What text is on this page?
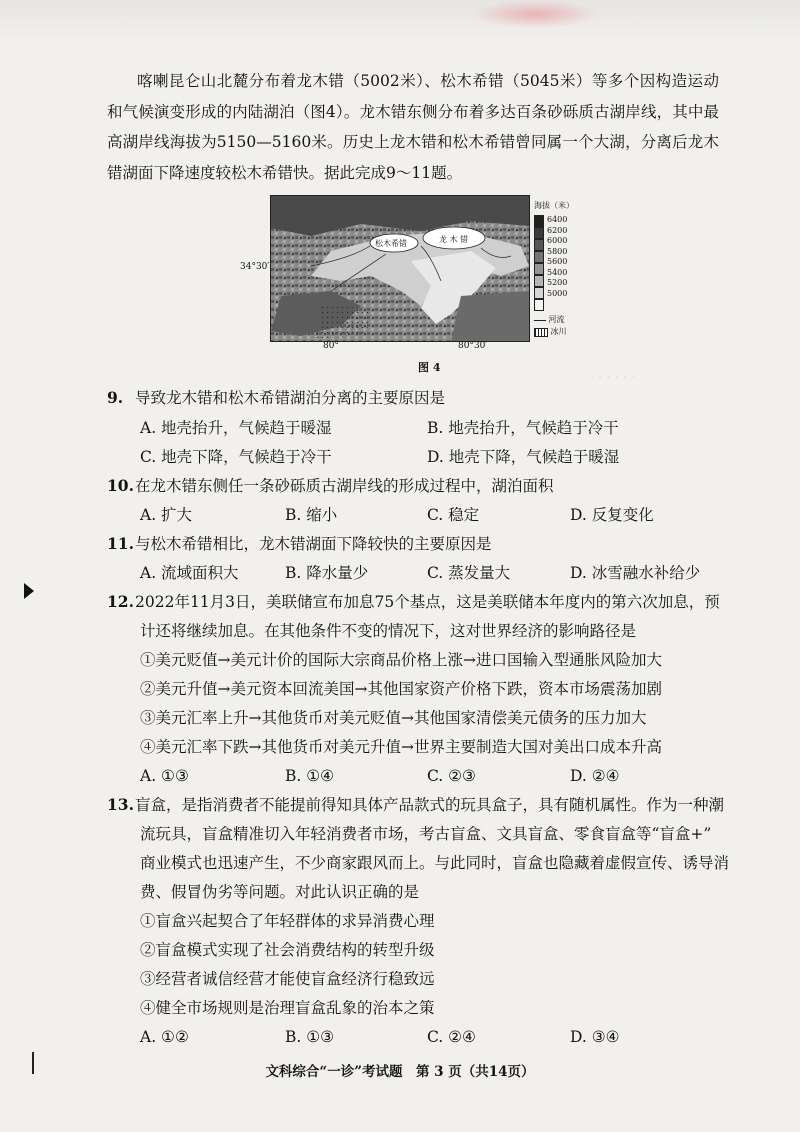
· · · · · ·

喀喇昆仑山北麓分布着龙木错（5002米）、松木希错（5045米）等多个因构造运动和气候演变形成的内陆湖泊（图4）。龙木错东侧分布着多达百条砂砾质古湖岸线，其中最高湖岸线海拔为5150—5160米。历史上龙木错和松木希错曾同属一个大湖，分离后龙木错湖面下降速度较松木希错快。据此完成9～11题。

松木希错	龙 木 错
34°30′
80°	80°30′
海拔（米）
6400
6200
6000
5800
5600
5400
5200
5000
河流
冰川
图 4
9. 导致龙木错和松木希错湖泊分离的主要原因是
A. 地壳抬升，气候趋于暖湿	B. 地壳抬升，气候趋于冷干
C. 地壳下降，气候趋于冷干	D. 地壳下降，气候趋于暖湿
10.在龙木错东侧任一条砂砾质古湖岸线的形成过程中，湖泊面积
A. 扩大	B. 缩小	C. 稳定	D. 反复变化
11.与松木希错相比，龙木错湖面下降较快的主要原因是
A. 流域面积大	B. 降水量少	C. 蒸发量大	D. 冰雪融水补给少
12.2022年11月3日，美联储宣布加息75个基点，这是美联储本年度内的第六次加息，预
计还将继续加息。在其他条件不变的情况下，这对世界经济的影响路径是
①美元贬值→美元计价的国际大宗商品价格上涨→进口国输入型通胀风险加大
②美元升值→美元资本回流美国→其他国家资产价格下跌，资本市场震荡加剧
③美元汇率上升→其他货币对美元贬值→其他国家清偿美元债务的压力加大
④美元汇率下跌→其他货币对美元升值→世界主要制造大国对美出口成本升高
A. ①③	B. ①④	C. ②③	D. ②④
13.盲盒，是指消费者不能提前得知具体产品款式的玩具盒子，具有随机属性。作为一种潮
流玩具，盲盒精准切入年轻消费者市场，考古盲盒、文具盲盒、零食盲盒等“盲盒+”
商业模式也迅速产生，不少商家跟风而上。与此同时，盲盒也隐藏着虚假宣传、诱导消
费、假冒伪劣等问题。对此认识正确的是
①盲盒兴起契合了年轻群体的求异消费心理
②盲盒模式实现了社会消费结构的转型升级
③经营者诚信经营才能使盲盒经济行稳致远
④健全市场规则是治理盲盒乱象的治本之策
A. ①②	B. ①③	C. ②④	D. ③④
文科综合“一诊”考试题　第 3 页（共14页）
